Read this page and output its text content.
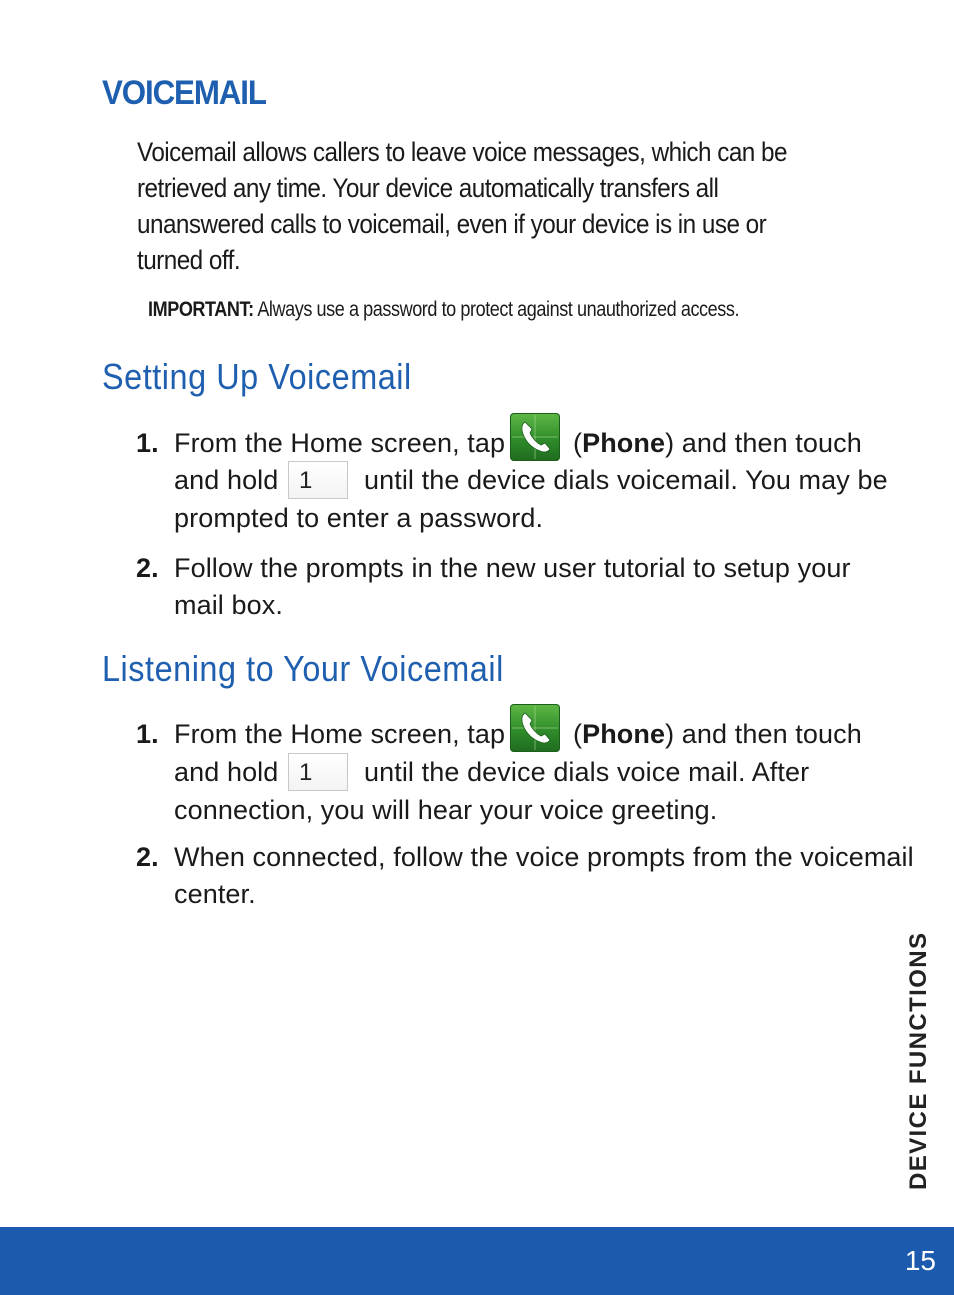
VOICEMAIL

Voicemail allows callers to leave voice messages, which can be retrieved any time. Your device automatically transfers all unanswered calls to voicemail, even if your device is in use or turned off.

IMPORTANT: Always use a password to protect against unauthorized access.

Setting Up Voicemail
1. From the Home screen, tap	(Phone) and then touch
and hold 1	until the device dials voicemail. You may be
prompted to enter a password.
2. Follow the prompts in the new user tutorial to setup your
mail box.
Listening to Your Voicemail
1. From the Home screen, tap	(Phone) and then touch
and hold 1	until the device dials voice mail. After
connection, you will hear your voice greeting.
2. When connected, follow the voice prompts from the voicemail
center.

DEVICE FUNCTIONS

15
